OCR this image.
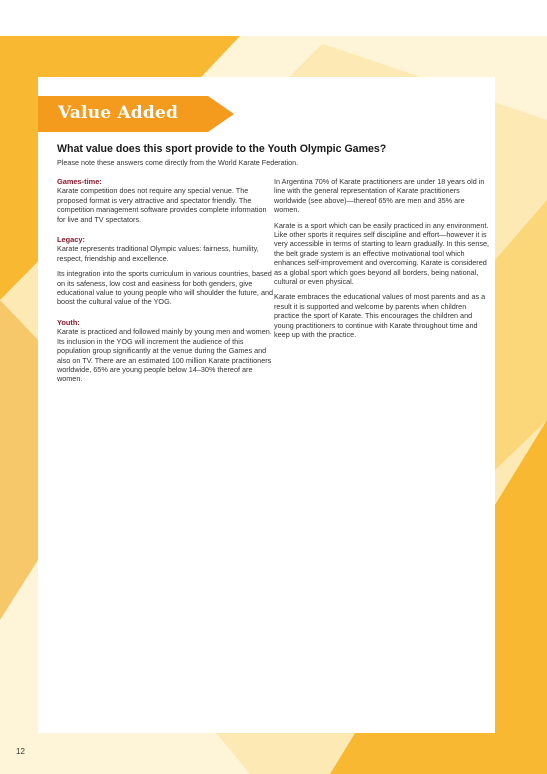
Value Added
What value does this sport provide to the Youth Olympic Games?
Please note these answers come directly from the World Karate Federation.
Games-time:

Karate competition does not require any special venue. The proposed format is very attractive and spectator friendly. The competition management software provides complete information for live and TV spectators.

Legacy:

Karate represents traditional Olympic values: fairness, humility, respect, friendship and excellence.

Its integration into the sports curriculum in various countries, based on its safeness, low cost and easiness for both genders, give educational value to young people who will shoulder the future, and boost the cultural value of the YOG.

Youth:

Karate is practiced and followed mainly by young men and women. Its inclusion in the YOG will increment the audience of this population group significantly at the venue during the Games and also on TV. There are an estimated 100 million Karate practitioners worldwide, 65% are young people below 14–30% thereof are women.

In Argentina 70% of Karate practitioners are under 18 years old in line with the general representation of Karate practitioners worldwide (see above)—thereof 65% are men and 35% are women.

Karate is a sport which can be easily practiced in any environment. Like other sports it requires self discipline and effort—however it is very accessible in terms of starting to learn gradually. In this sense, the belt grade system is an effective motivational tool which enhances self-improvement and overcoming. Karate is considered as a global sport which goes beyond all borders, being national, cultural or even physical.

Karate embraces the educational values of most parents and as a result it is supported and welcome by parents when children practice the sport of Karate. This encourages the children and young practitioners to continue with Karate throughout time and keep up with the practice.

12
